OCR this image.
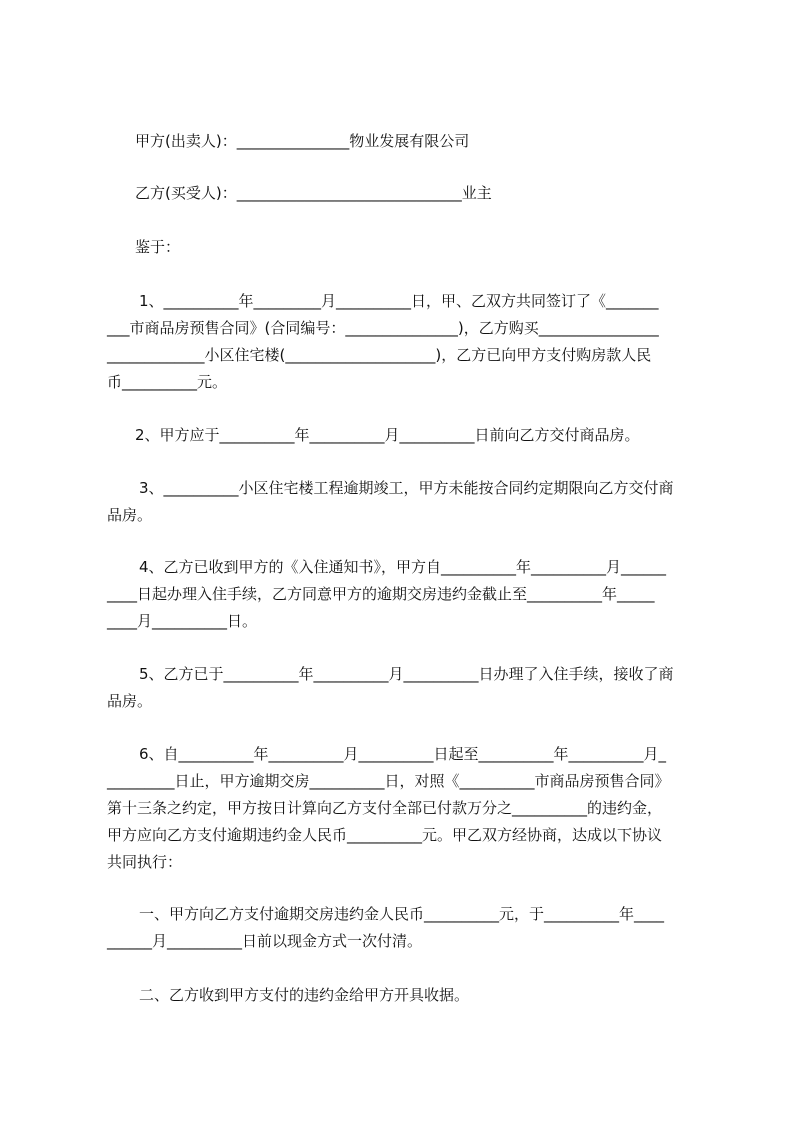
甲方(出卖人)：_______________物业发展有限公司
乙方(买受人)：______________________________业主
鉴于：
1、__________年_________月__________日，甲、乙双方共同签订了《_______
___市商品房预售合同》(合同编号：_______________)，乙方购买________________
_____________小区住宅楼(____________________)，乙方已向甲方支付购房款人民
币__________元。
2、甲方应于__________年__________月__________日前向乙方交付商品房。
3、__________小区住宅楼工程逾期竣工，甲方未能按合同约定期限向乙方交付商
品房。
4、乙方已收到甲方的《入住通知书》，甲方自__________年__________月______
____日起办理入住手续，乙方同意甲方的逾期交房违约金截止至__________年_____
____月__________日。
5、乙方已于__________年__________月__________日办理了入住手续，接收了商
品房。
6、自__________年__________月__________日起至__________年__________月_
_________日止，甲方逾期交房__________日，对照《__________市商品房预售合同》
第十三条之约定，甲方按日计算向乙方支付全部已付款万分之__________的违约金，
甲方应向乙方支付逾期违约金人民币__________元。甲乙双方经协商，达成以下协议
共同执行：
一、甲方向乙方支付逾期交房违约金人民币__________元，于__________年____
______月__________日前以现金方式一次付清。
二、乙方收到甲方支付的违约金给甲方开具收据。
